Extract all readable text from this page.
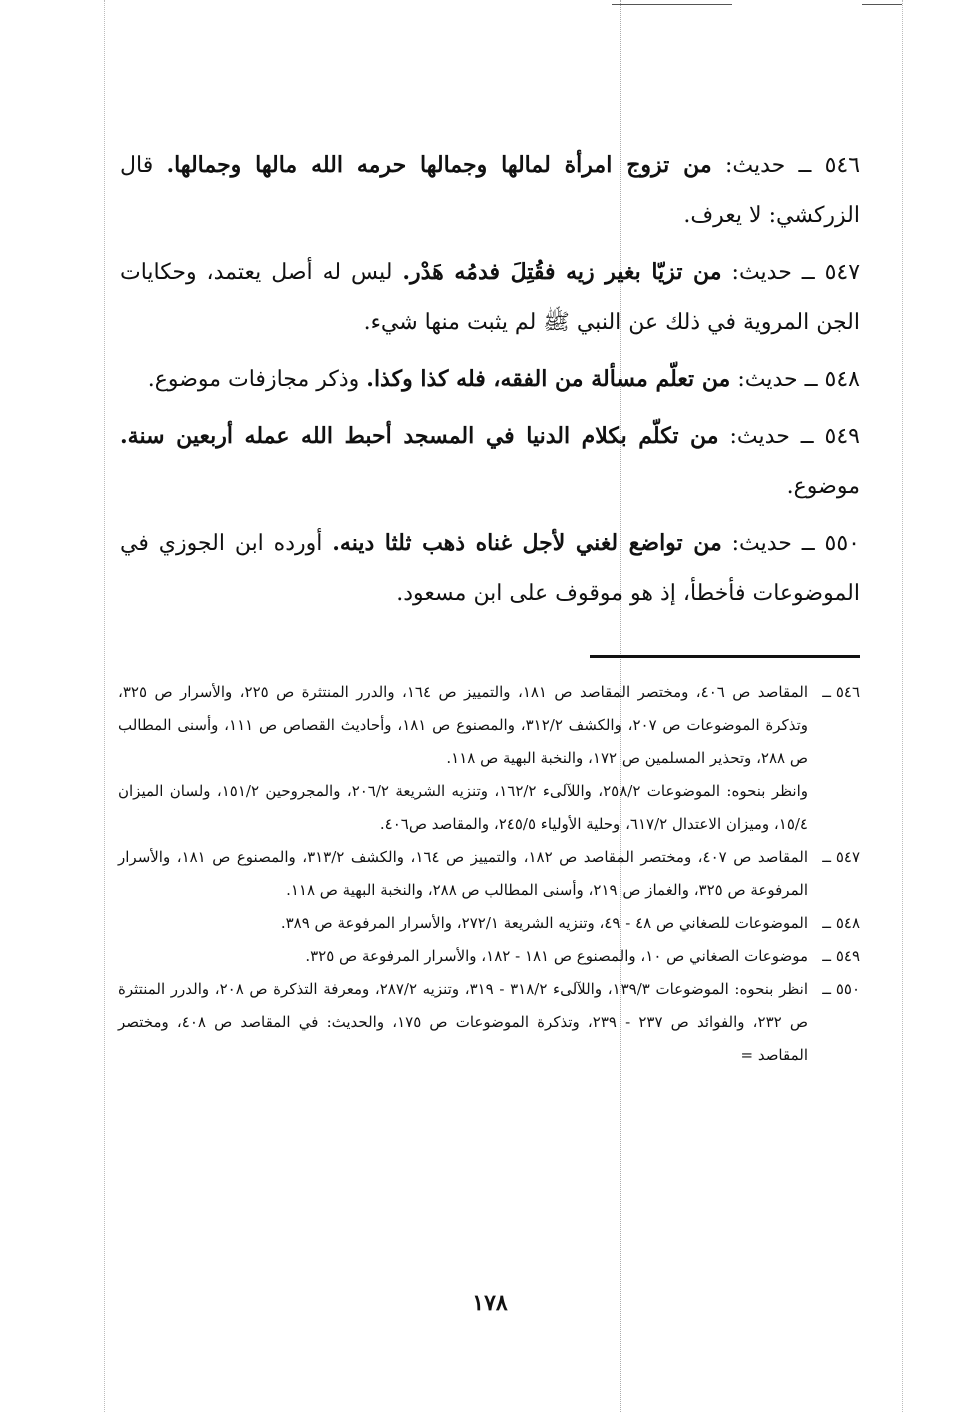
٥٤٦ ــ حديث: من تزوج امرأة لمالها وجمالها حرمه الله مالها وجمالها. قال الزركشي: لا يعرف.

٥٤٧ ــ حديث: من تزيّا بغير زيه فقُتِلَ فدمُه هَدْر. ليس له أصل يعتمد، وحكايات الجن المروية في ذلك عن النبي ﷺ لم يثبت منها شيء.

٥٤٨ ــ حديث: من تعلّم مسألة من الفقه، فله كذا وكذا. وذكر مجازفات موضوع.

٥٤٩ ــ حديث: من تكلّم بكلام الدنيا في المسجد أحبط الله عمله أربعين سنة. موضوع.

٥٥٠ ــ حديث: من تواضع لغني لأجل غناه ذهب ثلثا دينه. أورده ابن الجوزي في الموضوعات فأخطأ، إذ هو موقوف على ابن مسعود.

٥٤٦ ــ

المقاصد ص ٤٠٦، ومختصر المقاصد ص ١٨١، والتمييز ص ١٦٤، والدرر المنتثرة ص ٢٢٥، والأسرار ص ٣٢٥، وتذكرة الموضوعات ص ٢٠٧، والكشف ٣١٢/٢، والمصنوع ص ١٨١، وأحاديث القصاص ص ١١١، وأسنى المطالب ص ٢٨٨، وتحذير المسلمين ص ١٧٢، والنخبة البهية ص ١١٨.

وانظر بنحوه: الموضوعات ٢٥٨/٢، واللآلىء ١٦٢/٢، وتنزيه الشريعة ٢٠٦/٢، والمجروحين ١٥١/٢، ولسان الميزان ١٥/٤، وميزان الاعتدال ٦١٧/٢، وحلية الأولياء ٢٤٥/٥، والمقاصد ص٤٠٦.

٥٤٧ ــ

المقاصد ص ٤٠٧، ومختصر المقاصد ص ١٨٢، والتمييز ص ١٦٤، والكشف ٣١٣/٢، والمصنوع ص ١٨١، والأسرار المرفوعة ص ٣٢٥، والغماز ص ٢١٩، وأسنى المطالب ص ٢٨٨، والنخبة البهية ص ١١٨.

٥٤٨ ــ

الموضوعات للصغاني ص ٤٨ - ٤٩، وتنزيه الشريعة ٢٧٢/١، والأسرار المرفوعة ص ٣٨٩.

٥٤٩ ــ

موضوعات الصغاني ص ١٠، والمصنوع ص ١٨١ - ١٨٢، والأسرار المرفوعة ص ٣٢٥.

٥٥٠ ــ

انظر بنحوه: الموضوعات ١٣٩/٣، واللآلىء ٣١٨/٢ - ٣١٩، وتنزيه ٢٨٧/٢، ومعرفة التذكرة ص ٢٠٨، والدرر المنتثرة ص ٢٣٢، والفوائد ص ٢٣٧ - ٢٣٩، وتذكرة الموضوعات ص ١٧٥، والحديث: في المقاصد ص ٤٠٨، ومختصر المقاصد =

١٧٨
